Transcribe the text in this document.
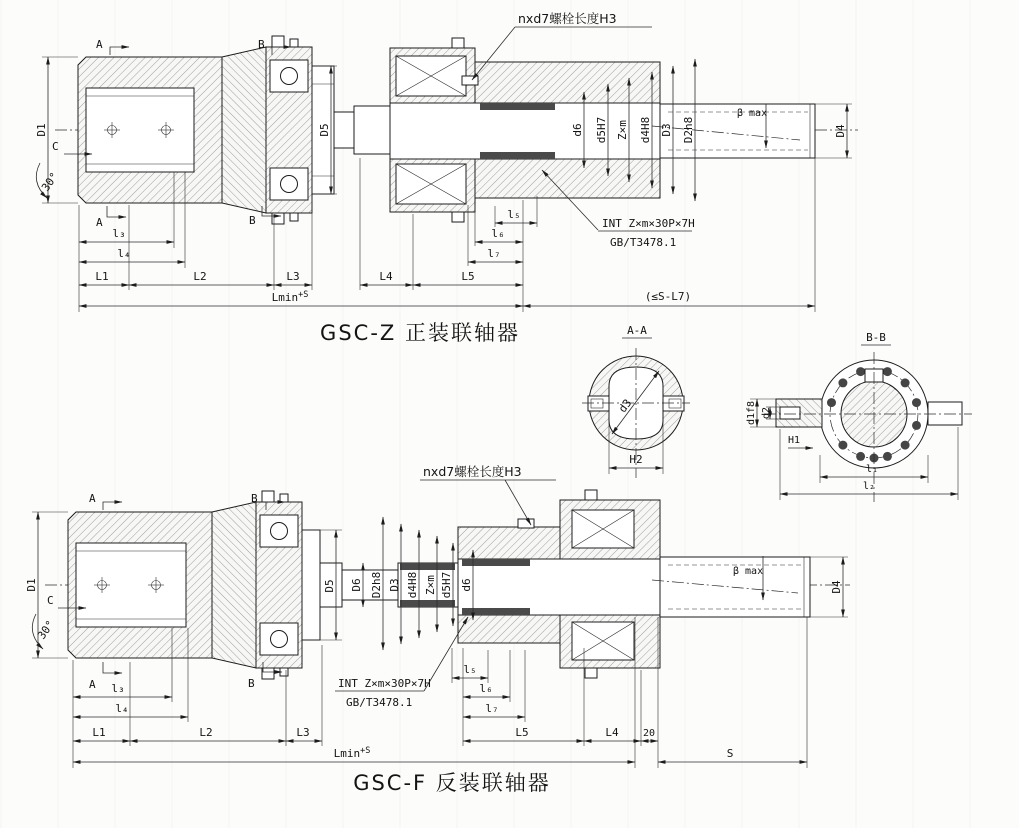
β max
A
A
B
B
C
30°
nxd7螺栓长度H3
INT Z×m×30P×7H
GB/T3478.1
D1	D5	d6 d5H7 Z×m d4H8 D3 D2h8	D4
l₃
l₄
l₅
l₆
l₇
L1	L2	L3	L4	L5
Lmin$^{+S}$	(≤S-L7)
GSC-Z 正装联轴器	A-A
d3
H2
B-B
d1f8 d2
H1
l₁
l₂
β max
A
A
B
B
C
30°
nxd7螺栓长度H3
INT Z×m×30P×7H
GB/T3478.1
D1	D5 D6 D2h8 D3 d4H8 Z×m d5H7 d6	D4
l₃
l₄
l₅
l₆
l₇
L1	L2	L3	L5	L4 20
Lmin$^{+S}$	S
GSC-F 反装联轴器
